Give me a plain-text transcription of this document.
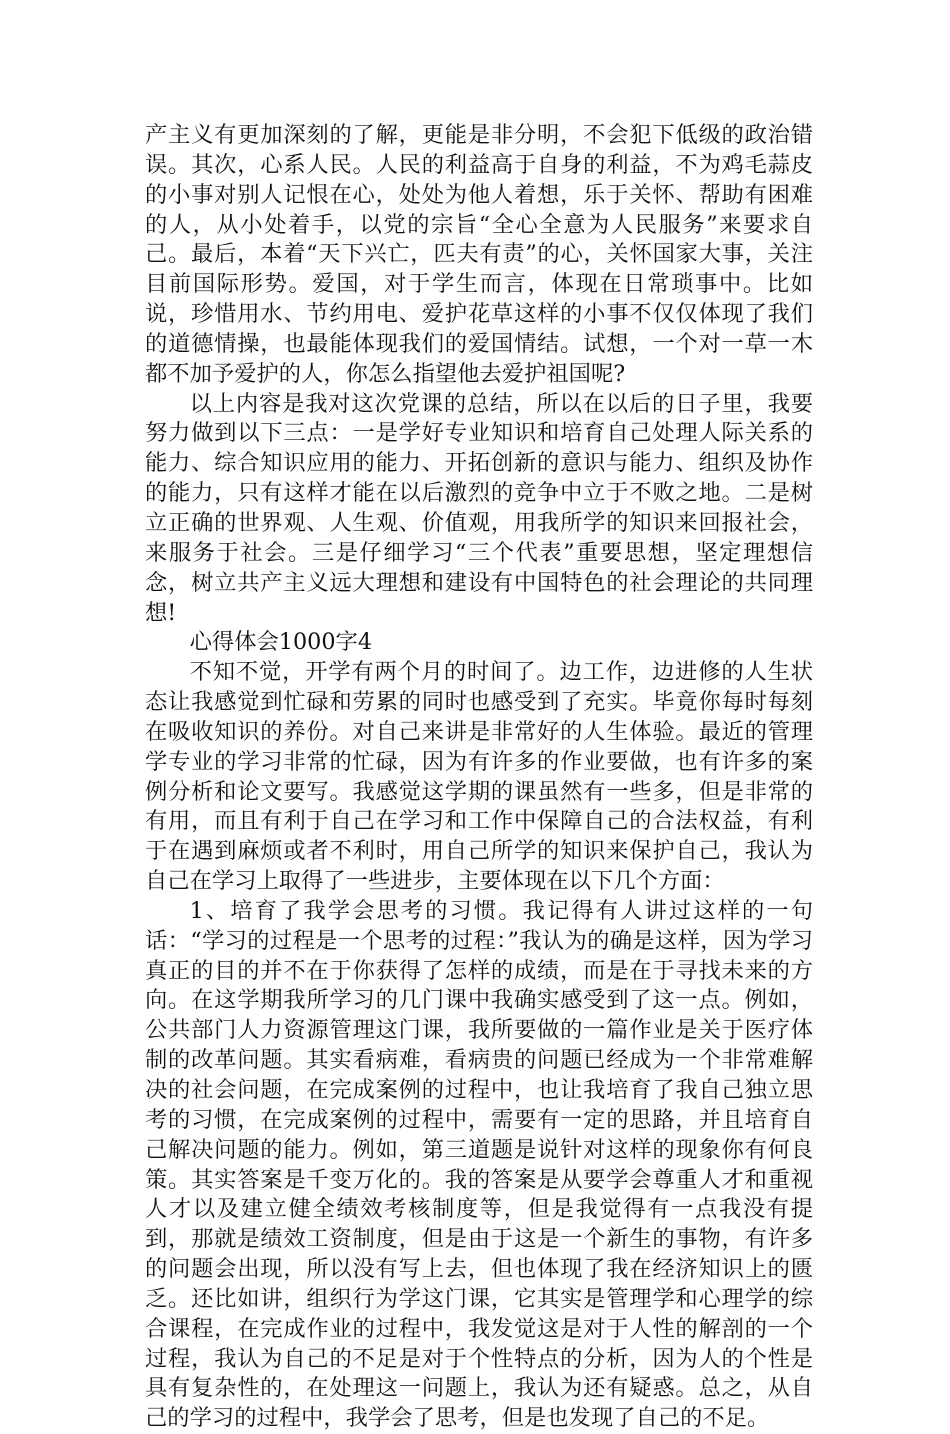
产主义有更加深刻的了解，更能是非分明，不会犯下低级的政治错误。其次，心系人民。人民的利益高于自身的利益，不为鸡毛蒜皮的小事对别人记恨在心，处处为他人着想，乐于关怀、帮助有困难的人，从小处着手，以党的宗旨“全心全意为人民服务”来要求自己。最后，本着“天下兴亡，匹夫有责”的心，关怀国家大事，关注目前国际形势。爱国，对于学生而言，体现在日常琐事中。比如说，珍惜用水、节约用电、爱护花草这样的小事不仅仅体现了我们的道德情操，也最能体现我们的爱国情结。试想，一个对一草一木都不加予爱护的人，你怎么指望他去爱护祖国呢?

以上内容是我对这次党课的总结，所以在以后的日子里，我要努力做到以下三点：一是学好专业知识和培育自己处理人际关系的能力、综合知识应用的能力、开拓创新的意识与能力、组织及协作的能力，只有这样才能在以后激烈的竞争中立于不败之地。二是树立正确的世界观、人生观、价值观，用我所学的知识来回报社会，来服务于社会。三是仔细学习“三个代表”重要思想，坚定理想信念，树立共产主义远大理想和建设有中国特色的社会理论的共同理想!

心得体会1000字4

不知不觉，开学有两个月的时间了。边工作，边进修的人生状态让我感觉到忙碌和劳累的同时也感受到了充实。毕竟你每时每刻在吸收知识的养份。对自己来讲是非常好的人生体验。最近的管理学专业的学习非常的忙碌，因为有许多的作业要做，也有许多的案例分析和论文要写。我感觉这学期的课虽然有一些多，但是非常的有用，而且有利于自己在学习和工作中保障自己的合法权益，有利于在遇到麻烦或者不利时，用自己所学的知识来保护自己，我认为自己在学习上取得了一些进步，主要体现在以下几个方面：

1、培育了我学会思考的习惯。我记得有人讲过这样的一句话：“学习的过程是一个思考的过程：”我认为的确是这样，因为学习真正的目的并不在于你获得了怎样的成绩，而是在于寻找未来的方向。在这学期我所学习的几门课中我确实感受到了这一点。例如，公共部门人力资源管理这门课，我所要做的一篇作业是关于医疗体制的改革问题。其实看病难，看病贵的问题已经成为一个非常难解决的社会问题，在完成案例的过程中，也让我培育了我自己独立思考的习惯，在完成案例的过程中，需要有一定的思路，并且培育自己解决问题的能力。例如，第三道题是说针对这样的现象你有何良策。其实答案是千变万化的。我的答案是从要学会尊重人才和重视人才以及建立健全绩效考核制度等，但是我觉得有一点我没有提到，那就是绩效工资制度，但是由于这是一个新生的事物，有许多的问题会出现，所以没有写上去，但也体现了我在经济知识上的匮乏。还比如讲，组织行为学这门课，它其实是管理学和心理学的综合课程，在完成作业的过程中，我发觉这是对于人性的解剖的一个过程，我认为自己的不足是对于个性特点的分析，因为人的个性是具有复杂性的，在处理这一问题上，我认为还有疑惑。总之，从自己的学习的过程中，我学会了思考，但是也发现了自己的不足。
